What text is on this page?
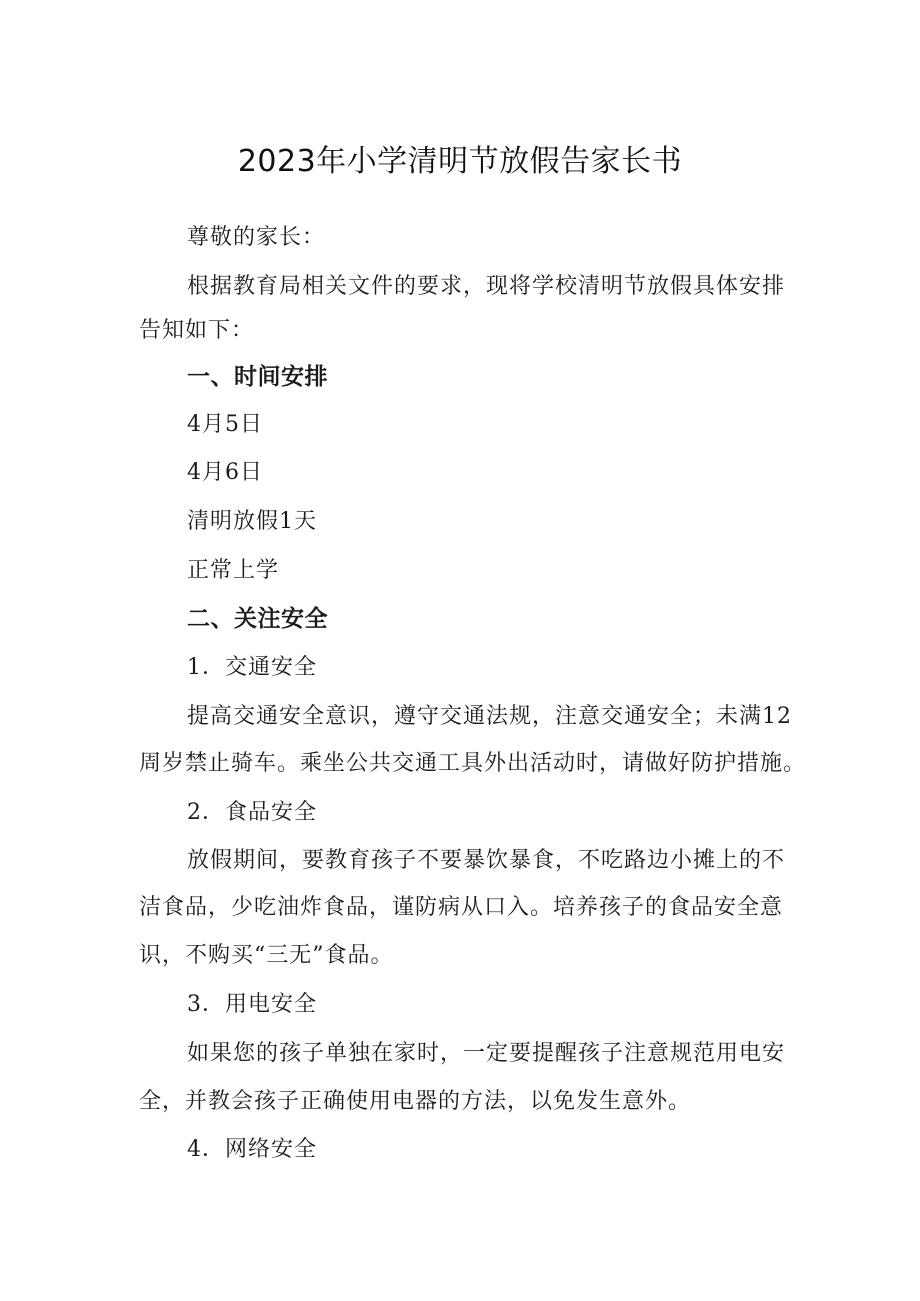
2023年小学清明节放假告家长书
尊敬的家长：
根据教育局相关文件的要求，现将学校清明节放假具体安排
告知如下：
一、时间安排
4月5日
4月6日
清明放假1天
正常上学
二、关注安全
1．交通安全
提高交通安全意识，遵守交通法规，注意交通安全；未满12
周岁禁止骑车。乘坐公共交通工具外出活动时，请做好防护措施。
2．食品安全
放假期间，要教育孩子不要暴饮暴食，不吃路边小摊上的不
洁食品，少吃油炸食品，谨防病从口入。培养孩子的食品安全意
识，不购买“三无”食品。
3．用电安全
如果您的孩子单独在家时，一定要提醒孩子注意规范用电安
全，并教会孩子正确使用电器的方法，以免发生意外。
4．网络安全
